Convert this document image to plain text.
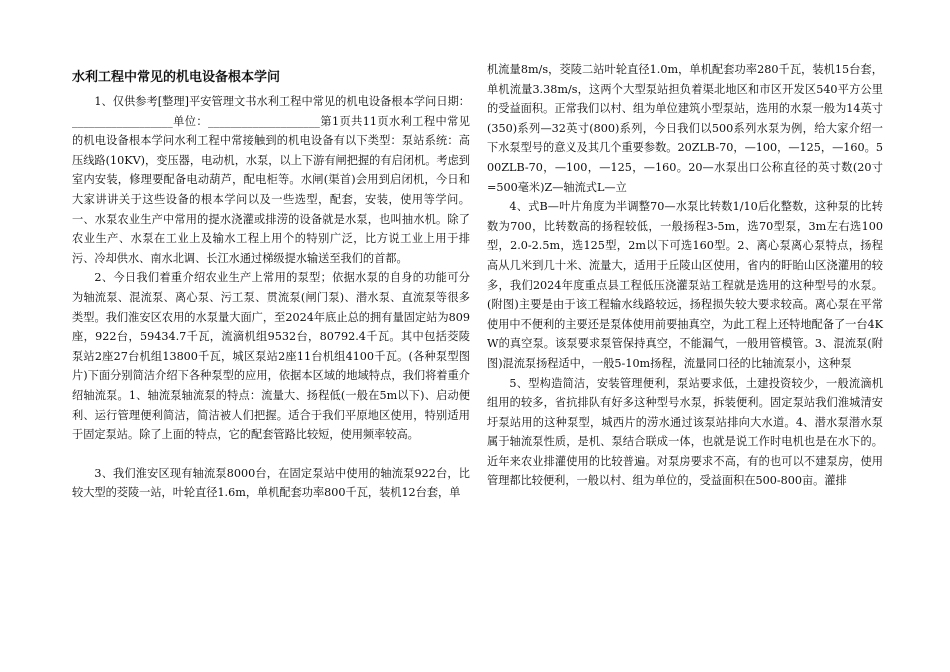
水利工程中常见的机电设备根本学问

1、仅供参考[整理]平安管理文书水利工程中常见的机电设备根本学问日期：__________________单位：____________________第1页共11页水利工程中常见的机电设备根本学问水利工程中常接触到的机电设备有以下类型：泵站系统：高压线路(10KV)，变压器，电动机，水泵，以上下游有闸把握的有启闭机。考虑到室内安装，修理要配备电动葫芦，配电柜等。水闸(渠首)会用到启闭机，今日和大家讲讲关于这些设备的根本学问以及一些选型，配套，安装，使用等学问。一、水泵农业生产中常用的提水浇灌或排涝的设备就是水泵，也叫抽水机。除了农业生产、水泵在工业上及输水工程上用个的特别广泛，比方说工业上用于排污、冷却供水、南水北调、长江水通过梯级提水输送至我们的首都。

2、今日我们着重介绍农业生产上常用的泵型；依据水泵的自身的功能可分为轴流泵、混流泵、离心泵、污工泵、贯流泵(闸门泵)、潜水泵、直流泵等很多类型。我们淮安区农用的水泵量大面广，至2024年底止总的拥有量固定站为809座，922台，59434.7千瓦，流滴机组9532台，80792.4千瓦。其中包括茭陵泵站2座27台机组13800千瓦，城区泵站2座11台机组4100千瓦。(各种泵型图片)下面分别简洁介绍下各种泵型的应用，依据本区域的地域特点，我们将着重介绍轴流泵。1、轴流泵轴流泵的特点：流量大、扬程低(一般在5m以下)、启动便利、运行管理便利简洁，简洁被人们把握。适合于我们平原地区使用，特别适用于固定泵站。除了上面的特点，它的配套管路比较短，使用频率较高。

3、我们淮安区现有轴流泵8000台，在固定泵站中使用的轴流泵922台，比较大型的茭陵一站，叶轮直径1.6m，单机配套功率800千瓦，装机12台套，单

机流量8m/s，茭陵二站叶轮直径1.0m，单机配套功率280千瓦，装机15台套，单机流量3.38m/s，这两个大型泵站担负着渠北地区和市区开发区540平方公里的受益面积。正常我们以村、组为单位建筑小型泵站，选用的水泵一般为14英寸(350)系列—32英寸(800)系列，今日我们以500系列水泵为例，给大家介绍一下水泵型号的意义及其几个重要参数。20ZLB-70，—100，—125，—160。500ZLB-70，—100，—125，—160。20—水泵出口公称直径的英寸数(20寸=500毫米)Z—轴流式L—立

4、式B—叶片角度为半调整70—水泵比转数1/10后化整数，这种泵的比转数为700，比转数高的扬程较低，一般扬程3-5m，选70型泵，3m左右选100型，2.0-2.5m，选125型，2m以下可选160型。2、离心泵离心泵特点，扬程高从几米到几十米、流量大，适用于丘陵山区使用，省内的盱眙山区浇灌用的较多，我们2024年度重点县工程低压浇灌泵站工程就是选用的这种型号的水泵。(附图)主要是由于该工程输水线路较远，扬程损失较大要求较高。离心泵在平常使用中不便利的主要还是泵体使用前要抽真空，为此工程上还特地配备了一台4KW的真空泵。该泵要求泵管保持真空，不能漏气，一般用管模管。3、混流泵(附图)混流泵扬程适中，一般5-10m扬程，流量同口径的比轴流泵小，这种泵

5、型构造简洁，安装管理便利，泵站要求低，土建投资较少，一般流滴机组用的较多，省抗排队有好多这种型号水泵，拆装便利。固定泵站我们淮城清安圩泵站用的这种泵型，城西片的涝水通过该泵站排向大水道。4、潜水泵潜水泵属于轴流泵性质，是机、泵结合联成一体，也就是说工作时电机也是在水下的。近年来农业排灌使用的比较普遍。对泵房要求不高，有的也可以不建泵房，使用管理都比较便利，一般以村、组为单位的，受益面积在500-800亩。灌排
